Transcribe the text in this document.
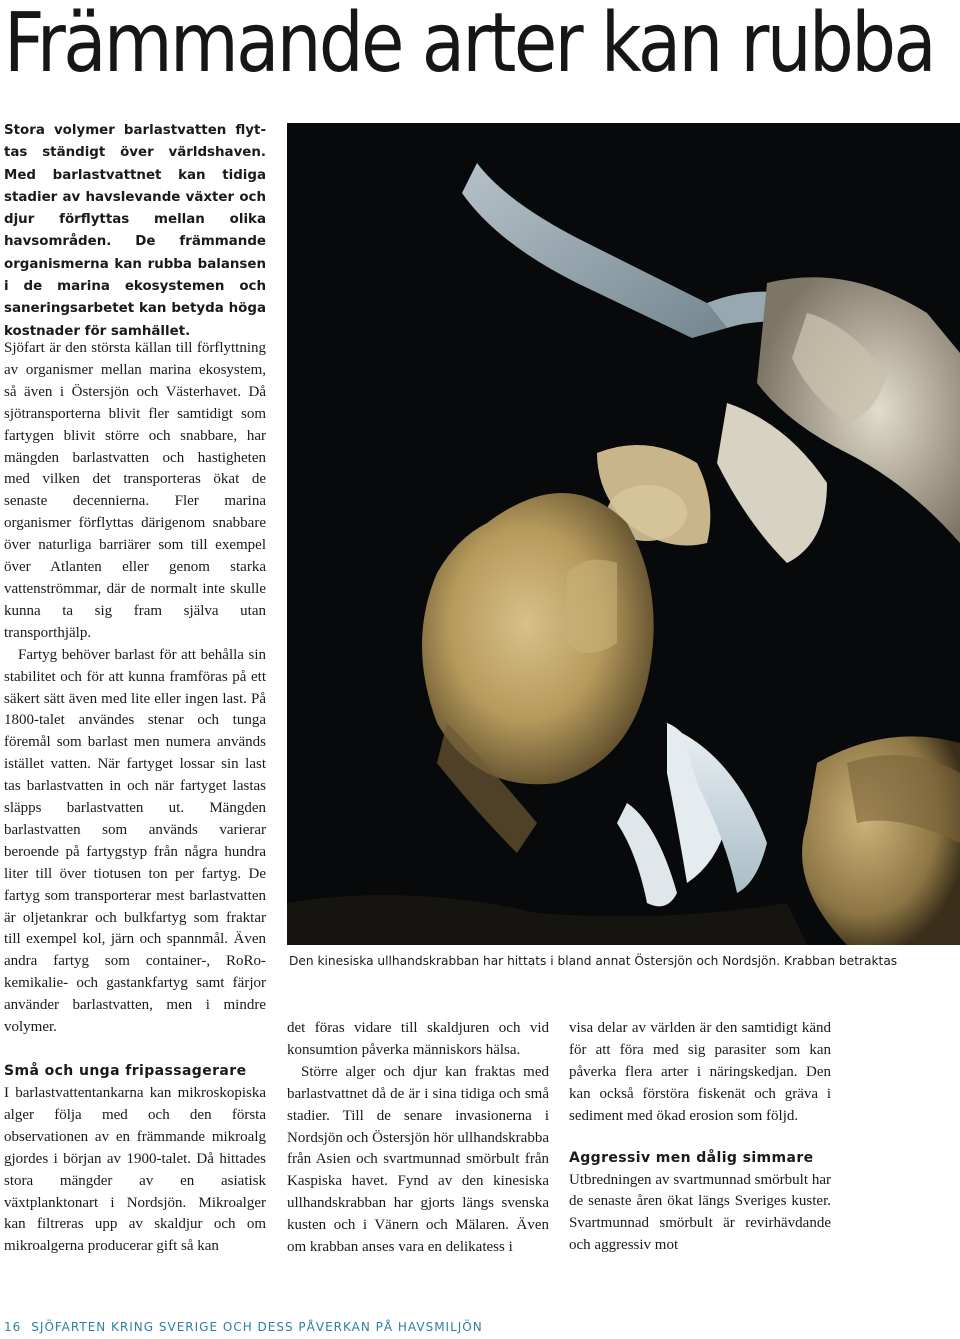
Främmande arter kan rubba

Stora volymer barlastvatten flyttas ständigt över världshaven. Med barlastvattnet kan tidiga stadier av havslevande växter och djur förflyttas mellan olika havsområden. De främmande organismerna kan rubba balansen i de marina ekosystemen och saneringsarbetet kan betyda höga kostnader för samhället.

Sjöfart är den största källan till förflyttning av organismer mellan marina ekosystem, så även i Östersjön och Västerhavet. Då sjötransporterna blivit fler samtidigt som fartygen blivit större och snabbare, har mängden barlastvatten och hastigheten med vilken det transporteras ökat de senaste decennierna. Fler marina organismer förflyttas därigenom snabbare över naturliga barriärer som till exempel över Atlanten eller genom starka vattenströmmar, där de normalt inte skulle kunna ta sig fram själva utan transporthjälp.

Fartyg behöver barlast för att behålla sin stabilitet och för att kunna framföras på ett säkert sätt även med lite eller ingen last. På 1800-talet användes stenar och tunga föremål som barlast men numera används istället vatten. När fartyget lossar sin last tas barlastvatten in och när fartyget lastas släpps barlastvatten ut. Mängden barlastvatten som används varierar beroende på fartygstyp från några hundra liter till över tiotusen ton per fartyg. De fartyg som transporterar mest barlastvatten är oljetankrar och bulkfartyg som fraktar till exempel kol, järn och spannmål. Även andra fartyg som container-, RoRo- kemikalie- och gastankfartyg samt färjor använder barlastvatten, men i mindre volymer.

Små och unga fripassagerare

I barlastvattentankarna kan mikroskopiska alger följa med och den första observationen av en främmande mikroalg gjordes i början av 1900-talet. Då hittades stora mängder av en asiatisk växtplanktonart i Nordsjön. Mikroalger kan filtreras upp av skaldjur och om mikroalgerna producerar gift så kan

Den kinesiska ullhandskrabban har hittats i bland annat Östersjön och Nordsjön. Krabban betraktas

det föras vidare till skaldjuren och vid konsumtion påverka människors hälsa.

Större alger och djur kan fraktas med barlastvattnet då de är i sina tidiga och små stadier. Till de senare invasionerna i Nordsjön och Östersjön hör ullhandskrabba från Asien och svartmunnad smörbult från Kaspiska havet. Fynd av den kinesiska ullhandskrabban har gjorts längs svenska kusten och i Vänern och Mälaren. Även om krabban anses vara en delikatess i

visa delar av världen är den samtidigt känd för att föra med sig parasiter som kan påverka flera arter i näringskedjan. Den kan också förstöra fiskenät och gräva i sediment med ökad erosion som följd.

Aggressiv men dålig simmare

Utbredningen av svartmunnad smörbult har de senaste åren ökat längs Sveriges kuster. Svartmunnad smörbult är revirhävdande och aggressiv mot

16 SJÖFARTEN KRING SVERIGE OCH DESS PÅVERKAN PÅ HAVSMILJÖN
